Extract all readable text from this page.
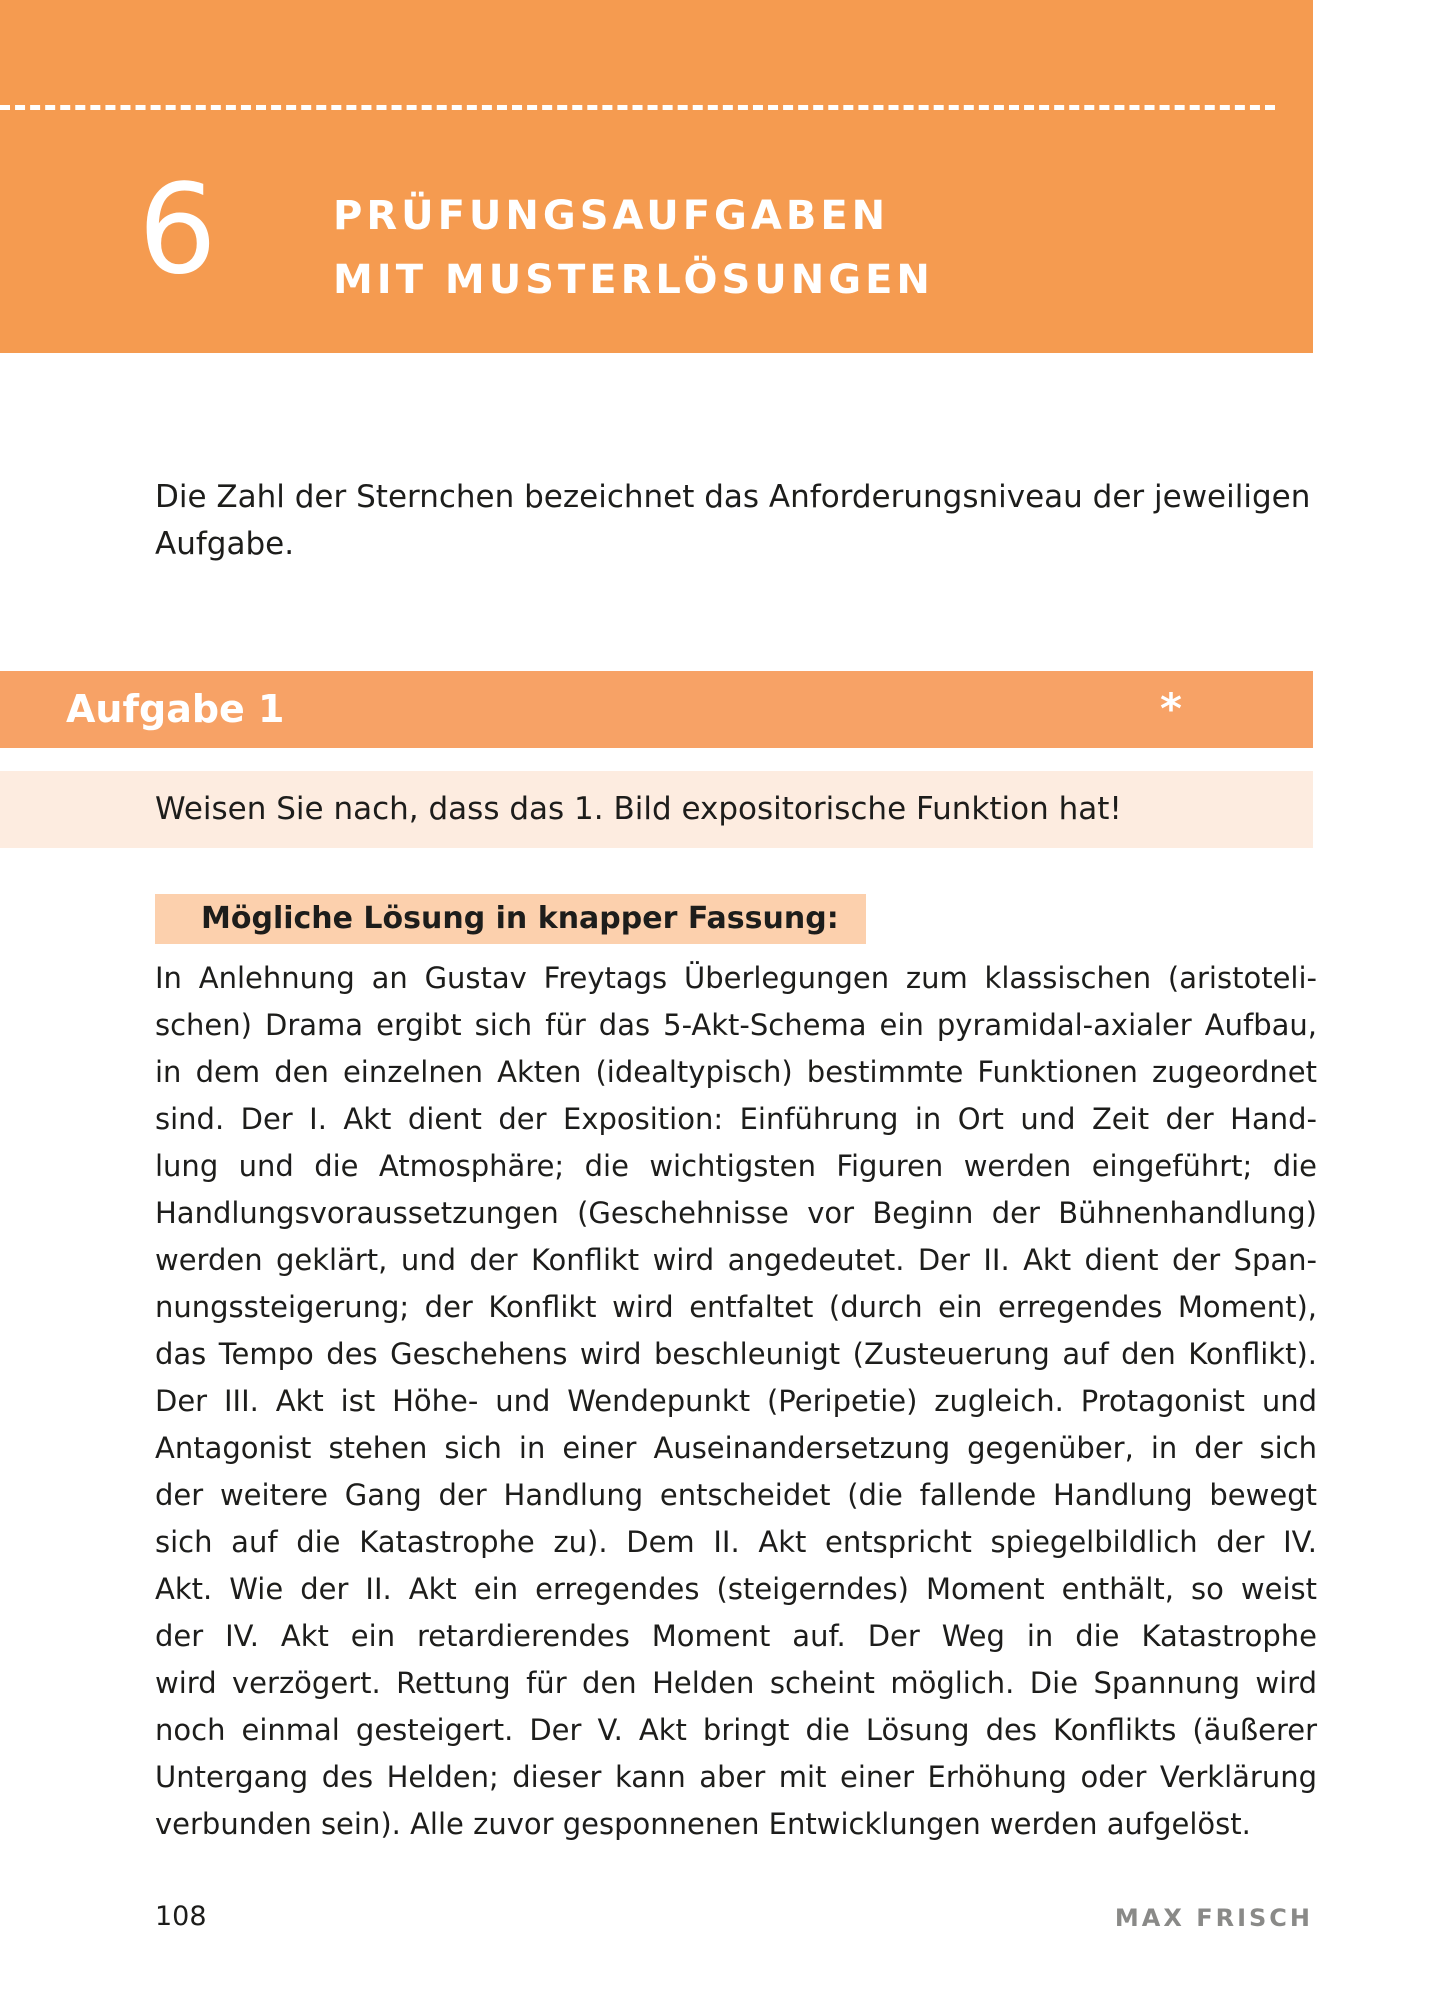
6	PRÜFUNGSAUFGABEN
MIT MUSTERLÖSUNGEN
Die Zahl der Sternchen bezeichnet das Anforderungsniveau der jeweiligen Aufgabe.
Aufgabe 1	*
Weisen Sie nach, dass das 1. Bild expositorische Funktion hat!
Mögliche Lösung in knapper Fassung:
In Anlehnung an Gustav Freytags Überlegungen zum klassischen (aristoteli-
schen) Drama ergibt sich für das 5-Akt-Schema ein pyramidal-axialer Aufbau,
in dem den einzelnen Akten (idealtypisch) bestimmte Funktionen zugeordnet
sind. Der I. Akt dient der Exposition: Einführung in Ort und Zeit der Hand-
lung und die Atmosphäre; die wichtigsten Figuren werden eingeführt; die
Handlungsvoraussetzungen (Geschehnisse vor Beginn der Bühnenhandlung)
werden geklärt, und der Konflikt wird angedeutet. Der II. Akt dient der Span-
nungssteigerung; der Konflikt wird entfaltet (durch ein erregendes Moment),
das Tempo des Geschehens wird beschleunigt (Zusteuerung auf den Konflikt).
Der III. Akt ist Höhe- und Wendepunkt (Peripetie) zugleich. Protagonist und
Antagonist stehen sich in einer Auseinandersetzung gegenüber, in der sich
der weitere Gang der Handlung entscheidet (die fallende Handlung bewegt
sich auf die Katastrophe zu). Dem II. Akt entspricht spiegelbildlich der IV.
Akt. Wie der II. Akt ein erregendes (steigerndes) Moment enthält, so weist
der IV. Akt ein retardierendes Moment auf. Der Weg in die Katastrophe
wird verzögert. Rettung für den Helden scheint möglich. Die Spannung wird
noch einmal gesteigert. Der V. Akt bringt die Lösung des Konflikts (äußerer
Untergang des Helden; dieser kann aber mit einer Erhöhung oder Verklärung
verbunden sein). Alle zuvor gesponnenen Entwicklungen werden aufgelöst.
108	MAX FRISCH
